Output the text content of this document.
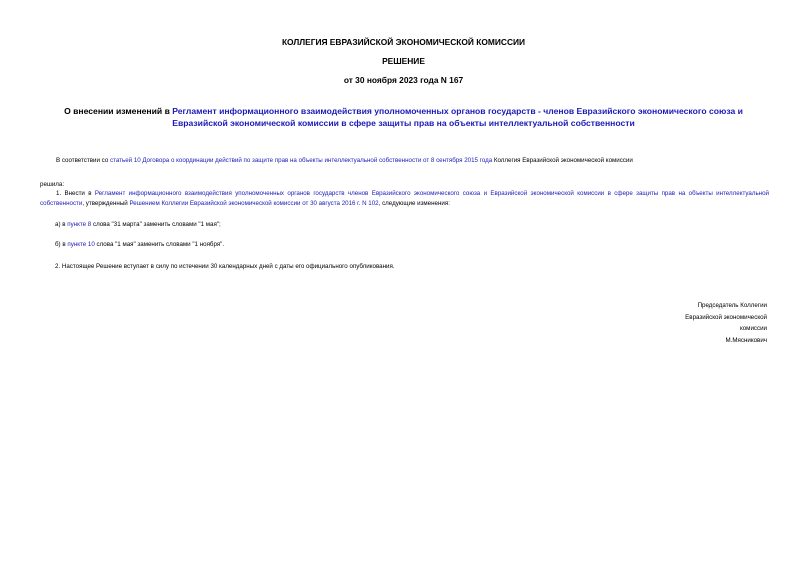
КОЛЛЕГИЯ ЕВРАЗИЙСКОЙ ЭКОНОМИЧЕСКОЙ КОМИССИИ
РЕШЕНИЕ
от 30 ноября 2023 года N 167
О внесении изменений в Регламент информационного взаимодействия уполномоченных органов государств - членов Евразийского экономического союза и Евразийской экономической комиссии в сфере защиты прав на объекты интеллектуальной собственности
В соответствии со статьей 10 Договора о координации действий по защите прав на объекты интеллектуальной собственности от 8 сентября 2015 года Коллегия Евразийской экономической комиссии
решила:
1. Внести в Регламент информационного взаимодействия уполномоченных органов государств членов Евразийского экономического союза и Евразийской экономической комиссии в сфере защиты прав на объекты интеллектуальной собственности, утвержденный Решением Коллегии Евразийской экономической комиссии от 30 августа 2016 г. N 102, следующие изменения:
а) в пункте 8 слова "31 марта" заменить словами "1 мая";
б) в пункте 10 слова "1 мая" заменить словами "1 ноября".
2. Настоящее Решение вступает в силу по истечении 30 календарных дней с даты его официального опубликования.
Председатель Коллегии
Евразийской экономической
комиссии
М.Мясникович
